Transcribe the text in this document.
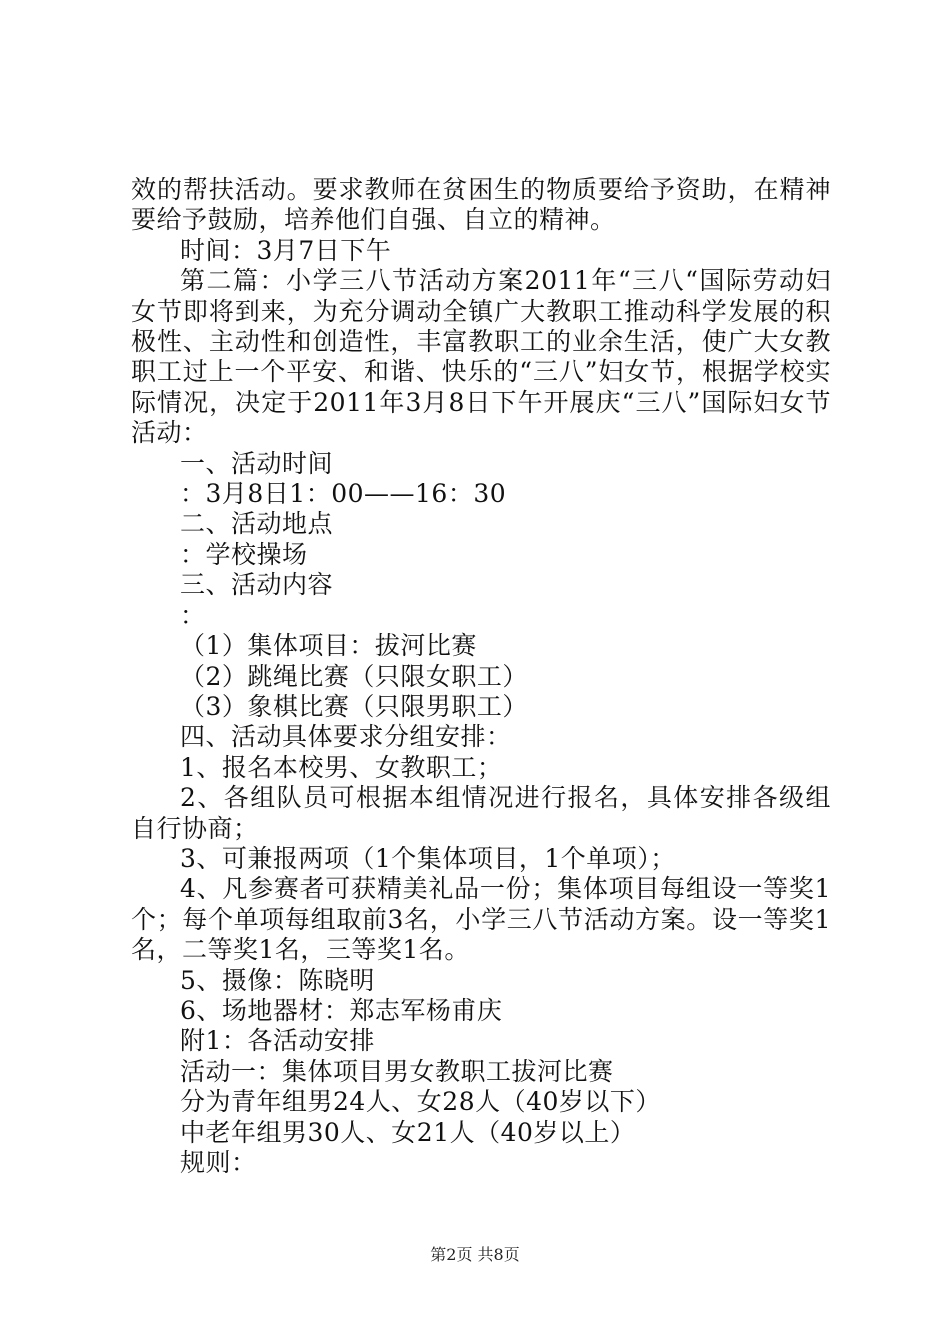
效的帮扶活动。要求教师在贫困生的物质要给予资助，在精神要给予鼓励，培养他们自强、自立的精神。

时间：3月7日下午

第二篇：小学三八节活动方案2011年“三八“国际劳动妇女节即将到来，为充分调动全镇广大教职工推动科学发展的积极性、主动性和创造性，丰富教职工的业余生活，使广大女教职工过上一个平安、和谐、快乐的“三八”妇女节，根据学校实际情况，决定于2011年3月8日下午开展庆“三八”国际妇女节活动：

一、活动时间

：3月8日1：00——16：30

二、活动地点

：学校操场

三、活动内容

：

（1）集体项目：拔河比赛

（2）跳绳比赛（只限女职工）

（3）象棋比赛（只限男职工）

四、活动具体要求分组安排：

1、报名本校男、女教职工；

2、各组队员可根据本组情况进行报名，具体安排各级组自行协商；

3、可兼报两项（1个集体项目，1个单项）；

4、凡参赛者可获精美礼品一份；集体项目每组设一等奖1个；每个单项每组取前3名，小学三八节活动方案。设一等奖1名，二等奖1名，三等奖1名。

5、摄像：陈晓明

6、场地器材：郑志军杨甫庆

附1：各活动安排

活动一：集体项目男女教职工拔河比赛

分为青年组男24人、女28人（40岁以下）

中老年组男30人、女21人（40岁以上）

规则：

第2页 共8页
